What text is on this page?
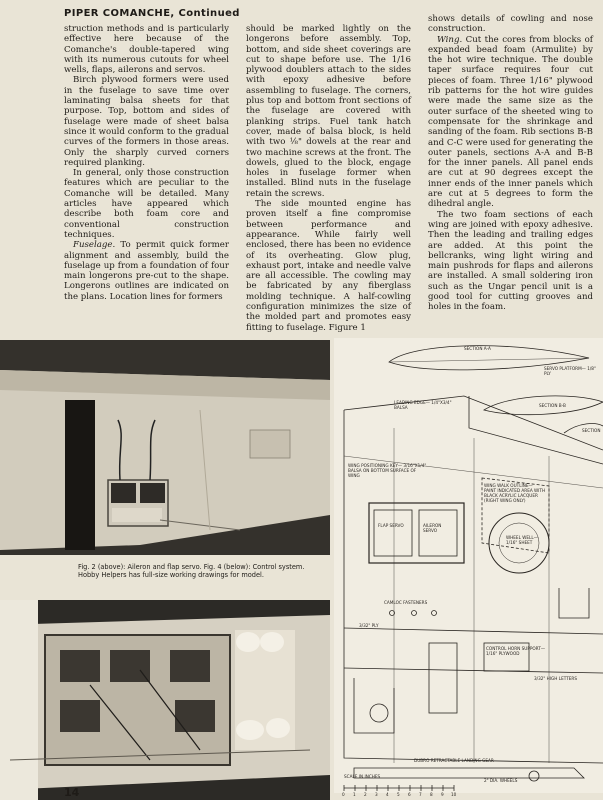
PIPER COMANCHE, Continued

struction methods and is particularly effective here because of the Comanche's double-tapered wing with its numerous cutouts for wheel wells, flaps, ailerons and servos.

Birch plywood formers were used in the fuselage to save time over laminating balsa sheets for that purpose. Top, bottom and sides of fuselage were made of sheet balsa since it would conform to the gradual curves of the formers in those areas. Only the sharply curved corners required planking.

In general, only those construction features which are peculiar to the Comanche will be detailed. Many articles have appeared which describe both foam core and conventional construction techniques.

Fuselage. To permit quick former alignment and assembly, build the fuselage up from a foundation of four main longerons pre-cut to the shape. Longerons outlines are indicated on the plans. Location lines for formers

should be marked lightly on the longerons before assembly. Top, bottom, and side sheet coverings are cut to shape before use. The 1/16 plywood doublers attach to the sides with epoxy adhesive before assembling to fuselage. The corners, plus top and bottom front sections of the fuselage are covered with planking strips. Fuel tank hatch cover, made of balsa block, is held with two ⅛" dowels at the rear and two machine screws at the front. The dowels, glued to the block, engage holes in fuselage former when installed. Blind nuts in the fuselage retain the screws.

The side mounted engine has proven itself a fine compromise between performance and appearance. While fairly well enclosed, there has been no evidence of its overheating. Glow plug, exhaust port, intake and needle valve are all accessible. The cowling may be fabricated by any fiberglass molding technique. A half-cowling configuration minimizes the size of the molded part and promotes easy fitting to fuselage. Figure 1

shows details of cowling and nose construction.

Wing. Cut the cores from blocks of expanded bead foam (Armulite) by the hot wire technique. The double taper surface requires four cut pieces of foam. Three 1/16" plywood rib patterns for the hot wire guides were made the same size as the outer surface of the sheeted wing to compensate for the shrinkage and sanding of the foam. Rib sections B-B and C-C were used for generating the outer panels, sections A-A and B-B for the inner panels. All panel ends are cut at 90 degrees except the inner ends of the inner panels which are cut at 5 degrees to form the dihedral angle.

The two foam sections of each wing are joined with epoxy adhesive. Then the leading and trailing edges are added. At this point the bellcranks, wing light wiring and main pushrods for flaps and ailerons are installed. A small soldering iron such as the Ungar pencil unit is a good tool for cutting grooves and holes in the foam.

Fig. 2 (above): Aileron and flap servo. Fig. 4 (below): Control system. Hobby Helpers has full-size working drawings for model.
SECTION A-A
SERVO PLATFORM— 1/8" PLY
LEADING EDGE— 1/4"X3/4" BALSA	SECTION B-B
SECTION
WING POSITIONING KEY— 3/16"X1/4" BALSA ON BOTTOM SURFACE OF WING
WING WALK OUTLINE— PAINT INDICATED AREA WITH BLACK ACRYLIC LACQUER (RIGHT WING ONLY)
FLAP SERVO	AILERON SERVO
WHEEL WELL— 1/16" SHEET
CAMLOC FASTENERS
3/32" PLY
CONTROL HORN SUPPORT— 1/16" PLYWOOD
3/32" HIGH LETTERS
DUBRO RETRACTABLE LANDING GEAR
2" DIA. WHEELS
SCALE IN INCHES
0 1 2 3 4 5 6 7 8 9 10
14
